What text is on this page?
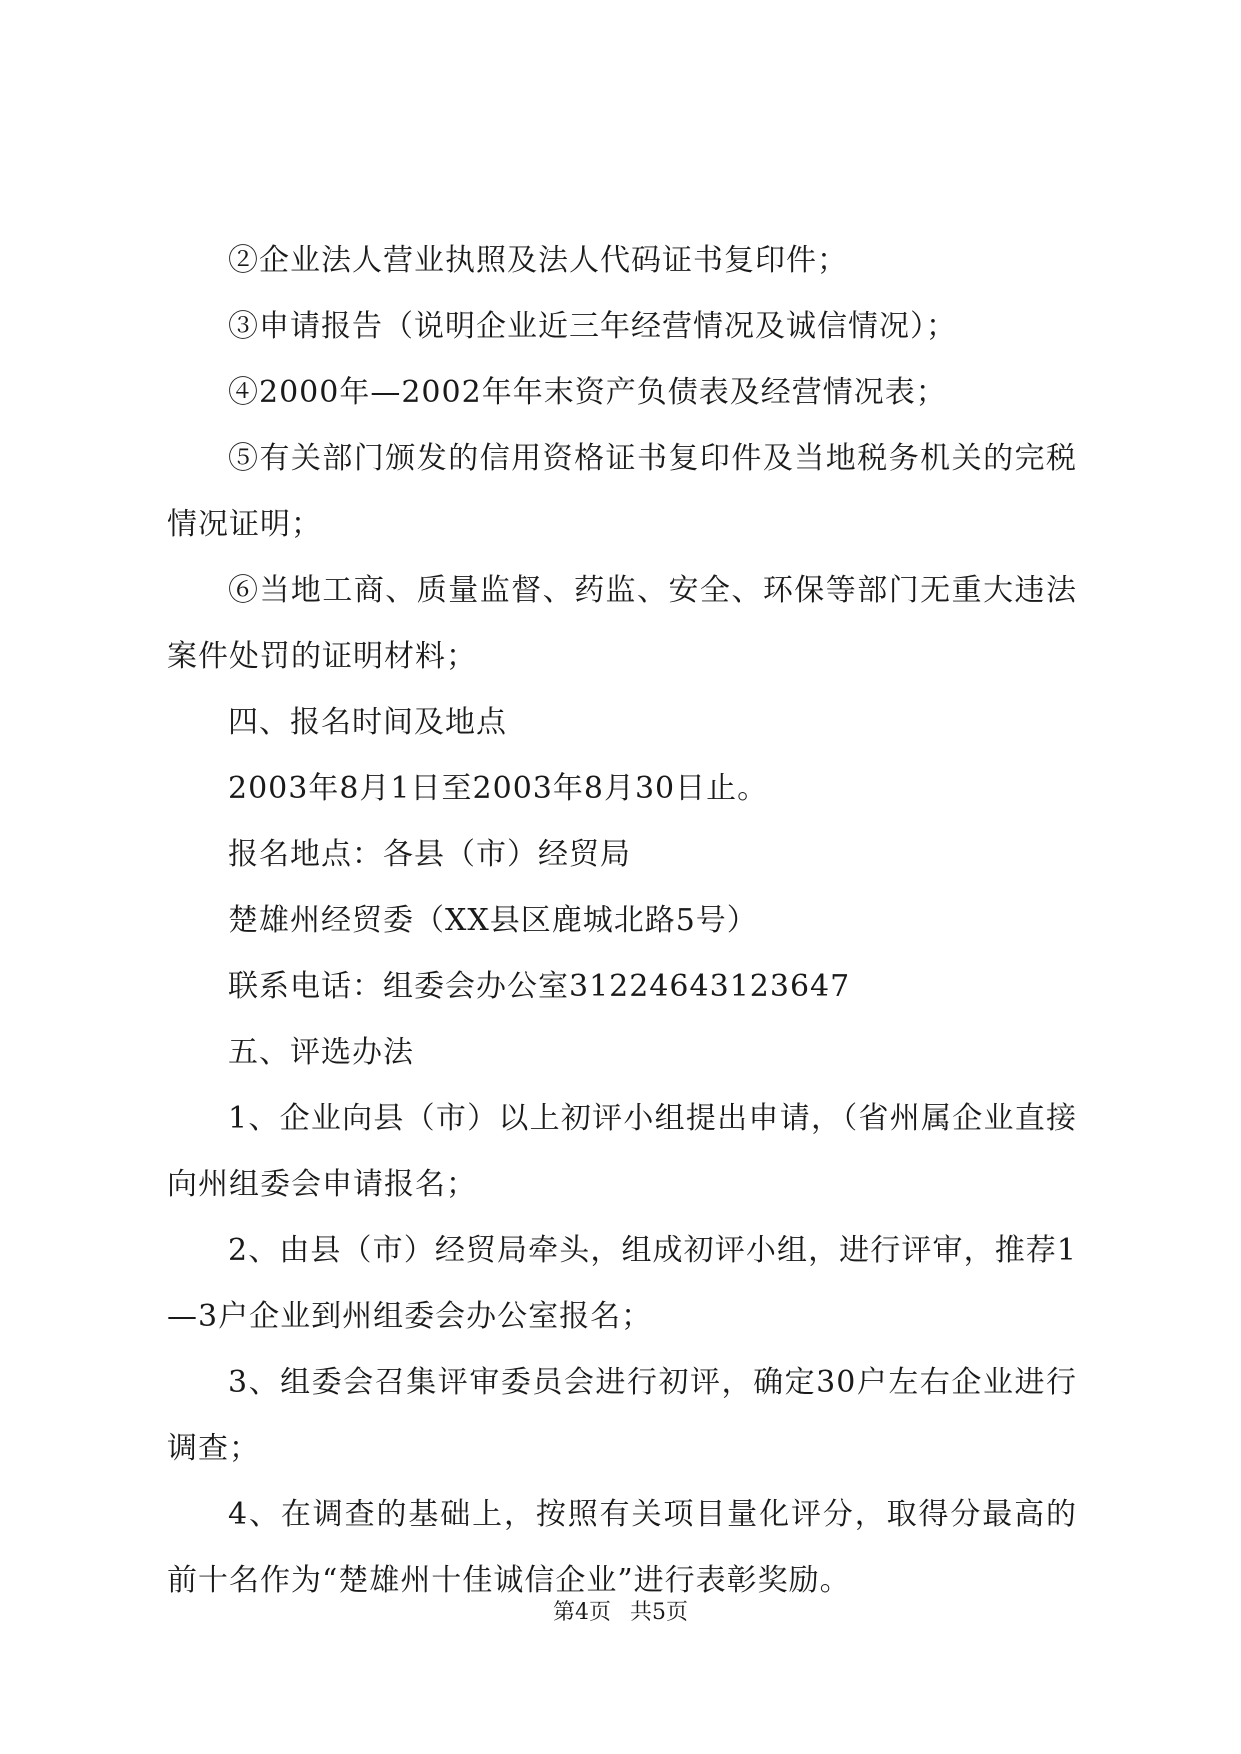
②企业法人营业执照及法人代码证书复印件；

③申请报告（说明企业近三年经营情况及诚信情况）；

④2000年—2002年年末资产负债表及经营情况表；

⑤有关部门颁发的信用资格证书复印件及当地税务机关的完税情况证明；

⑥当地工商、质量监督、药监、安全、环保等部门无重大违法案件处罚的证明材料；

四、报名时间及地点

2003年8月1日至2003年8月30日止。

报名地点：各县（市）经贸局

楚雄州经贸委（XX县区鹿城北路5号）

联系电话：组委会办公室31224643123647

五、评选办法

1、企业向县（市）以上初评小组提出申请，（省州属企业直接向州组委会申请报名；

2、由县（市）经贸局牵头，组成初评小组，进行评审，推荐1—3户企业到州组委会办公室报名；

3、组委会召集评审委员会进行初评，确定30户左右企业进行调查；

4、在调查的基础上，按照有关项目量化评分，取得分最高的前十名作为“楚雄州十佳诚信企业”进行表彰奖励。

第4页 共5页
